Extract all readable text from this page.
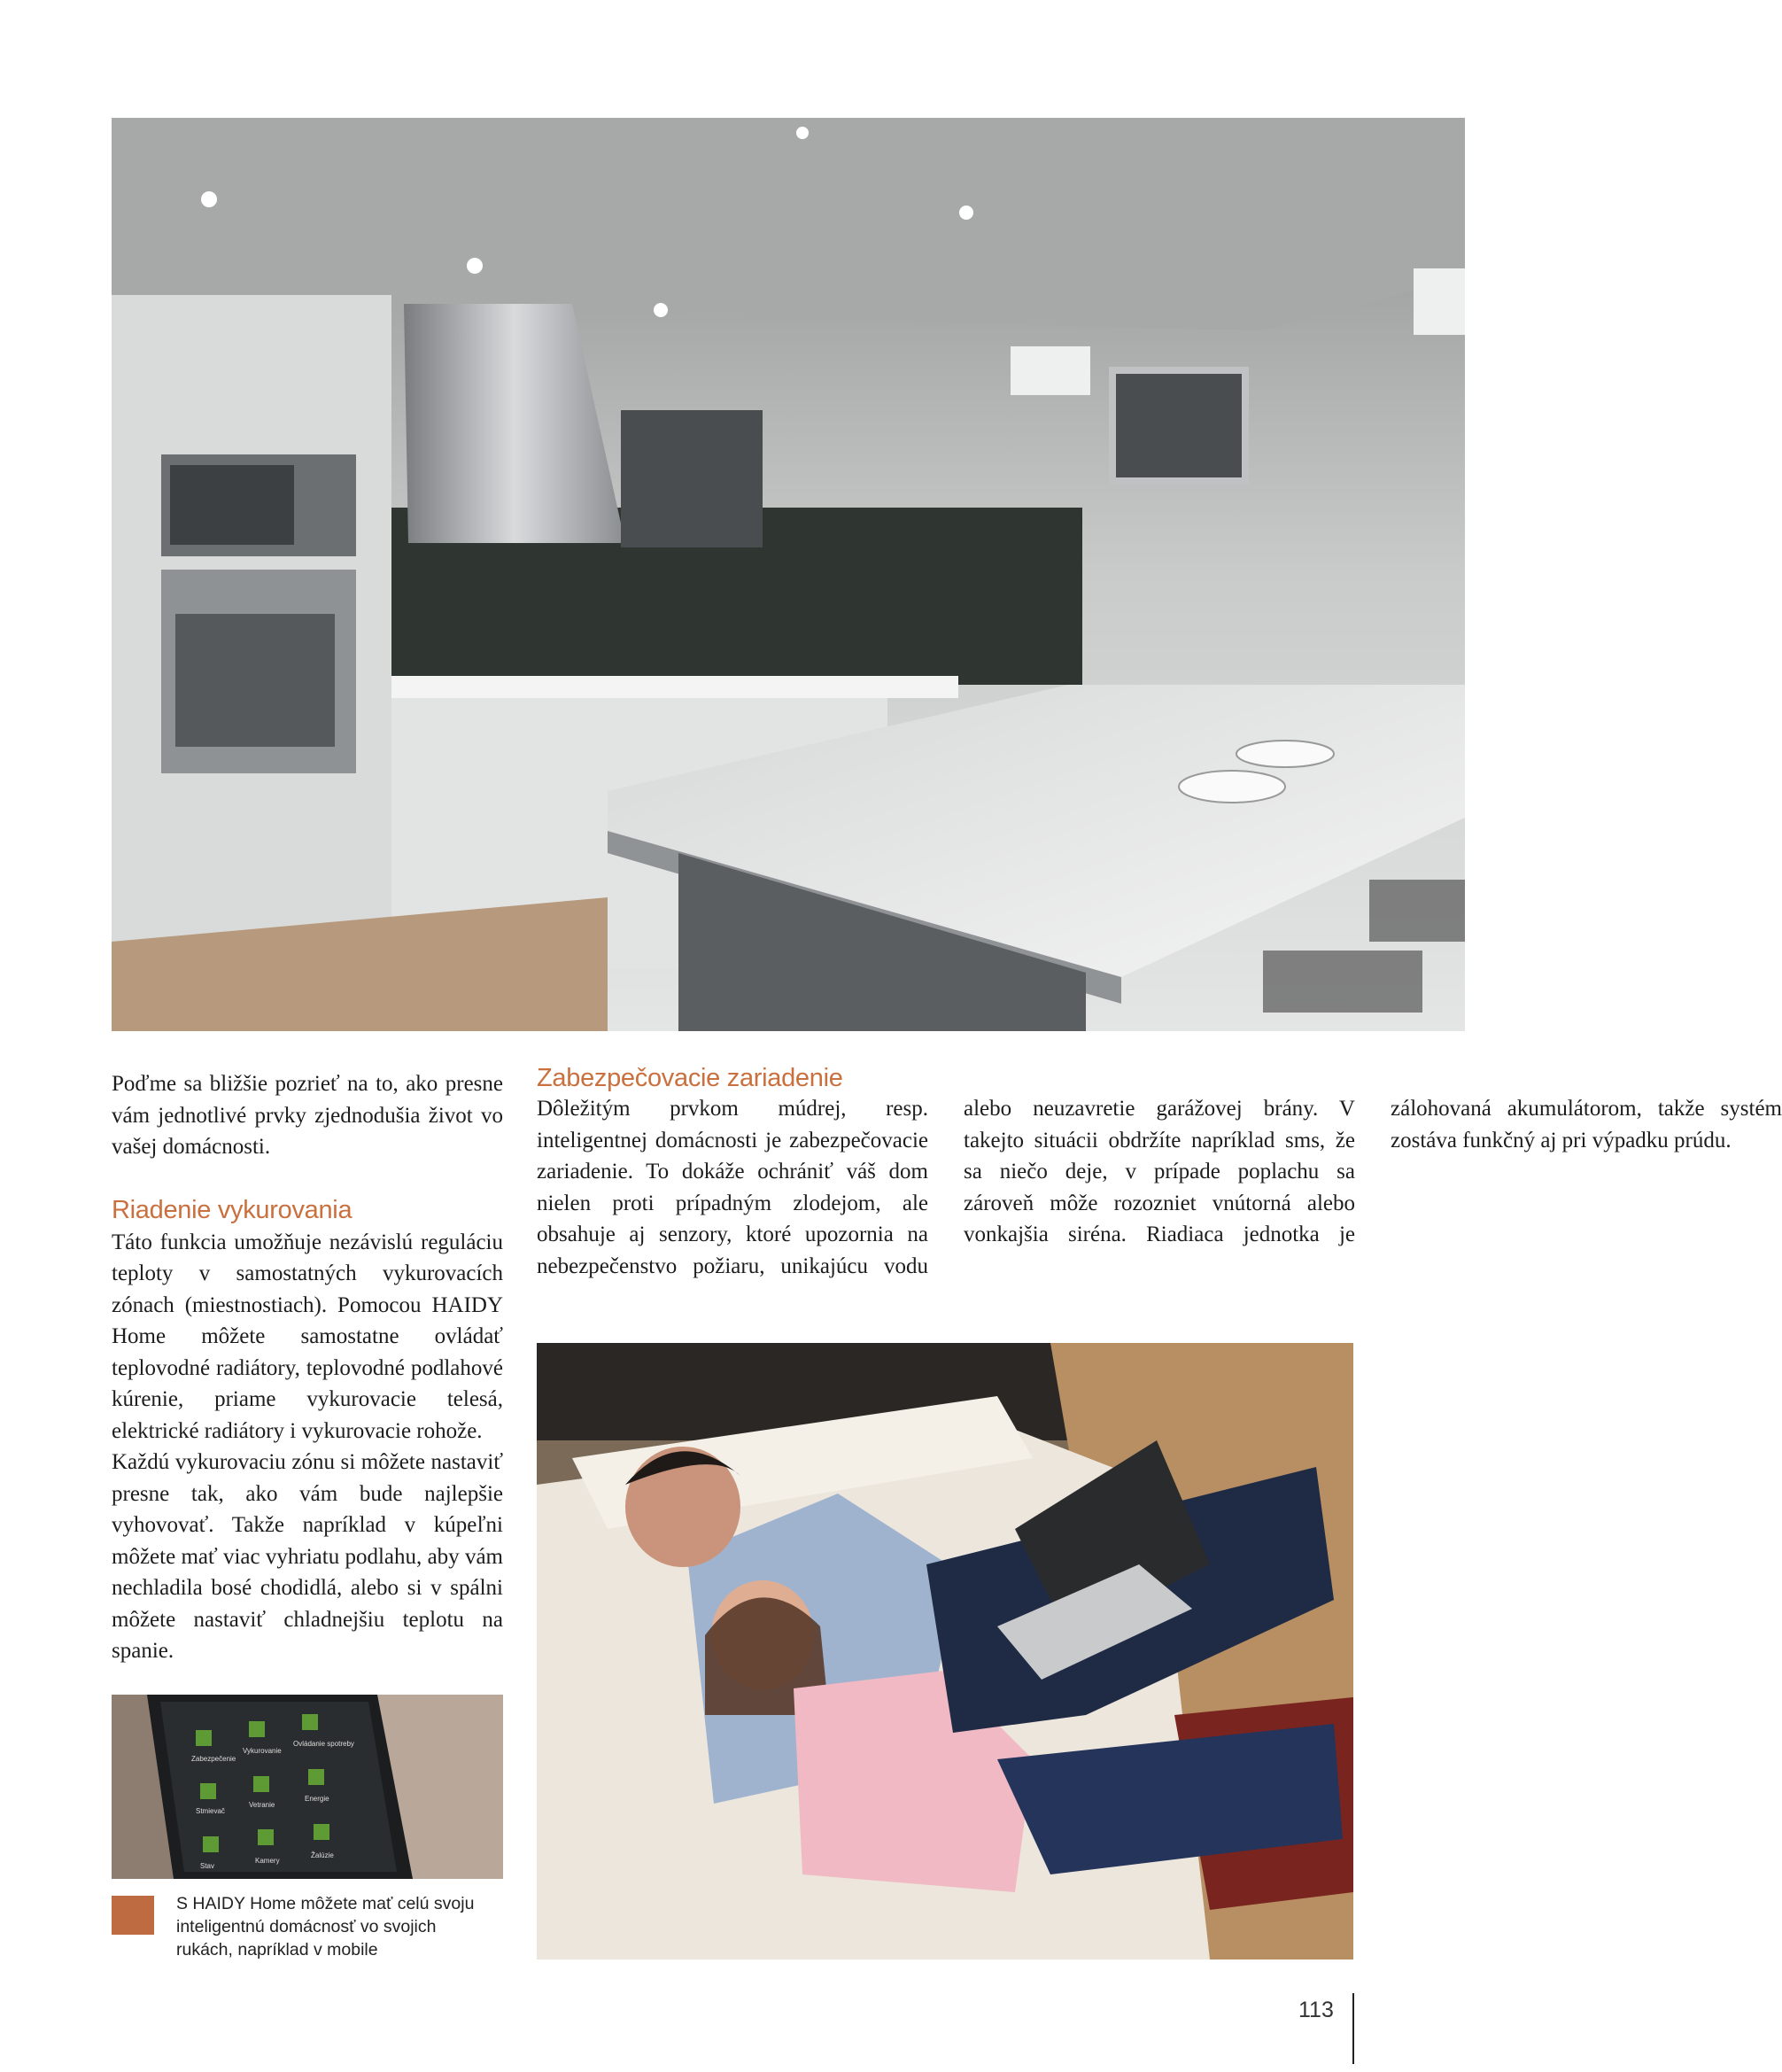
Poďme sa bližšie pozrieť na to, ako presne vám jednotlivé prvky zjednodušia život vo vašej domácnosti.

Riadenie vykurovania

Táto funkcia umožňuje nezávislú reguláciu teploty v samostatných vykurovacích zónach (miestnostiach). Pomocou HAIDY Home môžete samostatne ovládať teplovodné radiátory, teplovodné podlahové kúrenie, priame vykurovacie telesá, elektrické radiátory i vykurovacie rohože.

Každú vykurovaciu zónu si môžete nastaviť presne tak, ako vám bude najlepšie vyhovovať. Takže napríklad v kúpeľni môžete mať viac vyhriatu podlahu, aby vám nechladila bosé chodidlá, alebo si v spálni môžete nastaviť chladnejšiu teplotu na spanie.

Zabezpečovacie zariadenie

Dôležitým prvkom múdrej, resp. inteligentnej domácnosti je zabezpečovacie zariadenie. To dokáže ochrániť váš dom nielen proti prípadným zlodejom, ale obsahuje aj senzory, ktoré upozornia na nebezpečenstvo požiaru, unikajúcu vodu alebo neuzavretie garážovej brány. V takejto situácii obdržíte napríklad sms, že sa niečo deje, v prípade poplachu sa zároveň môže rozozniet vnútorná alebo vonkajšia siréna. Riadiaca jednotka je zálohovaná akumulátorom, takže systém zostáva funkčný aj pri výpadku prúdu.

Zabezpečenie
Vykurovanie
Ovládanie spotreby
Stmievač
Vetranie
Energie
Stav
Kamery
Žalúzie
S HAIDY Home môžete mať celú svoju inteligentnú domácnosť vo svojich rukách, napríklad v mobile
113
